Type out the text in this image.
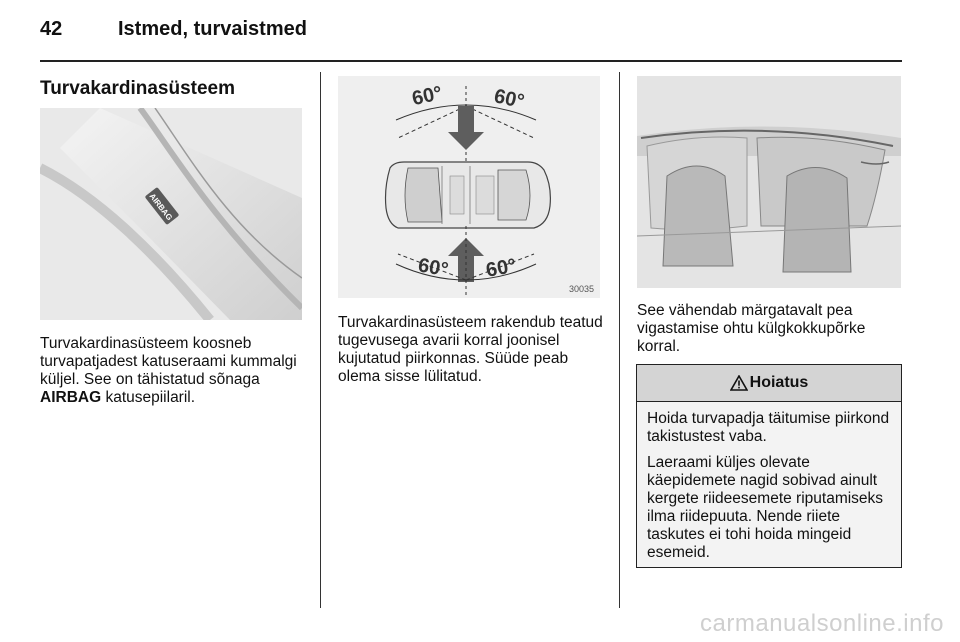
42	Istmed, turvaistmed
Turvakardinasüsteem
AIRBAG
Turvakardinasüsteem koosneb turvapatjadest katuseraami kummalgi küljel. See on tähistatud sõnaga AIRBAG katusepiilaril.
60° 60°
60° 60°
30035
Turvakardinasüsteem rakendub teatud tugevusega avarii korral joonisel kujutatud piirkonnas. Süüde peab olema sisse lülitatud.
See vähendab märgatavalt pea vigastamise ohtu külgkokkupõrke korral.
Hoiatus

Hoida turvapadja täitumise piirkond takistustest vaba.

Laeraami küljes olevate käepidemete nagid sobivad ainult kergete riideesemete riputamiseks ilma riidepuuta. Nende riiete taskutes ei tohi hoida mingeid esemeid.

carmanualsonline.info
